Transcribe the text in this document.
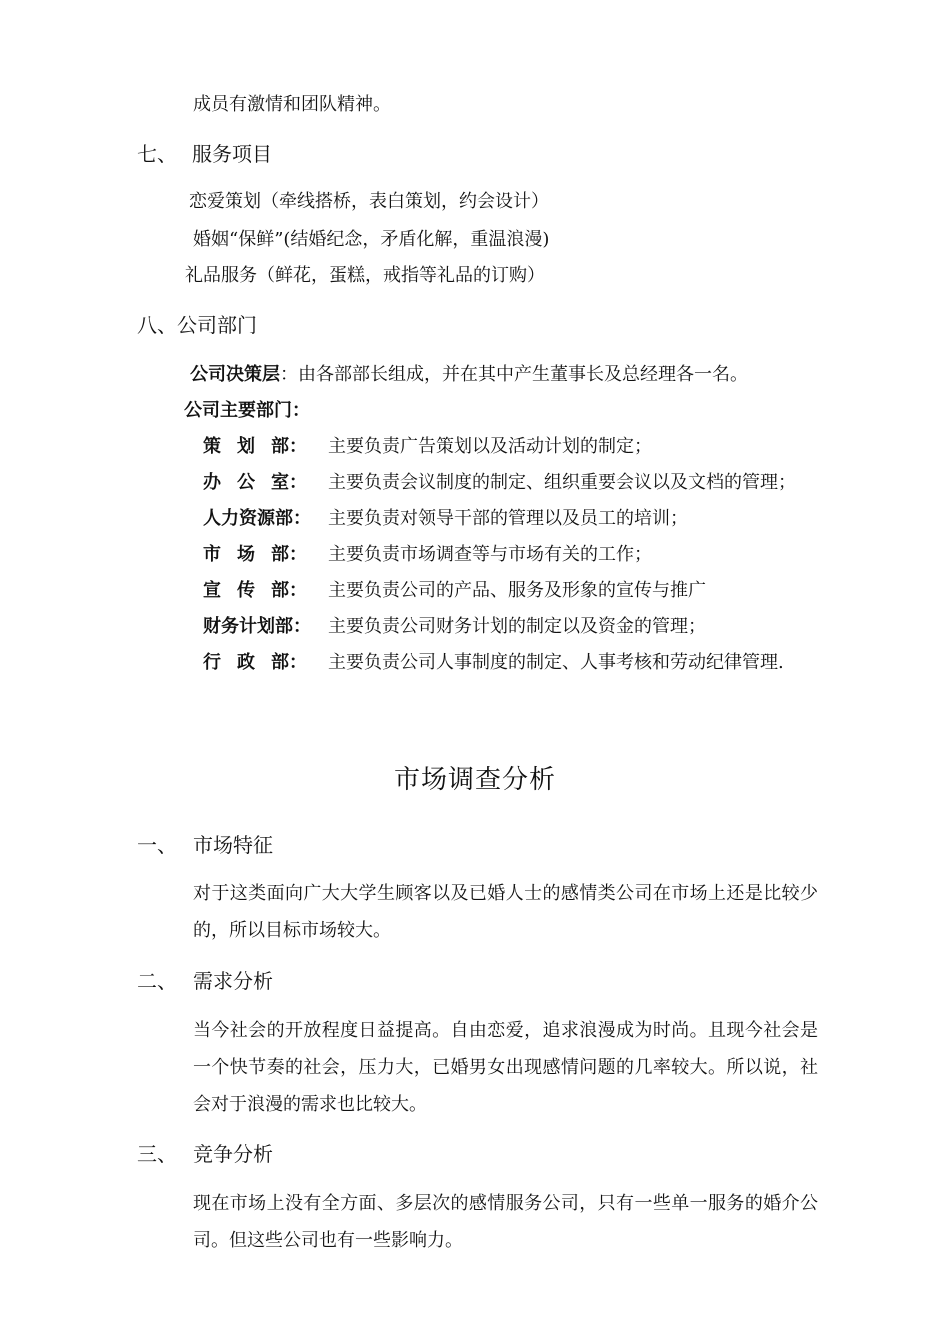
成员有激情和团队精神。
七、 服务项目
恋爱策划（牵线搭桥，表白策划，约会设计）
婚姻“保鲜”(结婚纪念，矛盾化解，重温浪漫)
礼品服务（鲜花，蛋糕，戒指等礼品的订购）
八、公司部门
公司决策层：由各部部长组成，并在其中产生董事长及总经理各一名。
公司主要部门：
策 划 部： 主要负责广告策划以及活动计划的制定；
办 公 室： 主要负责会议制度的制定、组织重要会议以及文档的管理；
人力资源部： 主要负责对领导干部的管理以及员工的培训；
市 场 部： 主要负责市场调查等与市场有关的工作；
宣 传 部： 主要负责公司的产品、服务及形象的宣传与推广
财务计划部： 主要负责公司财务计划的制定以及资金的管理；
行 政 部： 主要负责公司人事制度的制定、人事考核和劳动纪律管理.
市场调查分析
一、 市场特征
对于这类面向广大大学生顾客以及已婚人士的感情类公司在市场上还是比较少的，所以目标市场较大。
二、 需求分析
当今社会的开放程度日益提高。自由恋爱，追求浪漫成为时尚。且现今社会是一个快节奏的社会，压力大，已婚男女出现感情问题的几率较大。所以说，社会对于浪漫的需求也比较大。
三、 竞争分析
现在市场上没有全方面、多层次的感情服务公司，只有一些单一服务的婚介公司。但这些公司也有一些影响力。
